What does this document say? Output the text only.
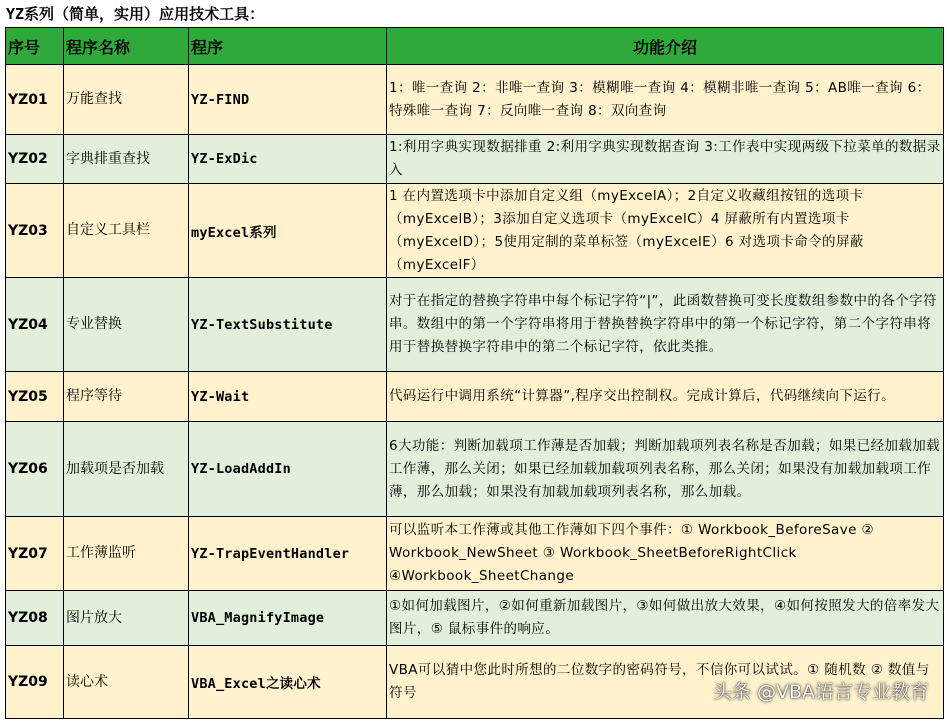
YZ系列（简单，实用）应用技术工具：
序号	程序名称	程序	功能介绍
YZ01	万能查找	YZ-FIND	1：唯一查询 2：非唯一查询 3：模糊唯一查询 4：模糊非唯一查询 5：AB唯一查询 6：特殊唯一查询 7：反向唯一查询 8：双向查询
YZ02	字典排重查找	YZ-ExDic	1:利用字典实现数据排重 2:利用字典实现数据查询 3:工作表中实现两级下拉菜单的数据录入
YZ03	自定义工具栏	myExcel系列	1 在内置选项卡中添加自定义组（myExcelA）；2自定义收藏组按钮的选项卡（myExcelB）；3添加自定义选项卡（myExcelC）4 屏蔽所有内置选项卡（myExcelD）；5使用定制的菜单标签（myExcelE）6 对选项卡命令的屏蔽（myExcelF）
YZ04	专业替换	YZ-TextSubstitute	对于在指定的替换字符串中每个标记字符“|”，此函数替换可变长度数组参数中的各个字符串。数组中的第一个字符串将用于替换替换字符串中的第一个标记字符，第二个字符串将用于替换替换字符串中的第二个标记字符，依此类推。
YZ05	程序等待	YZ-Wait	代码运行中调用系统“计算器”,程序交出控制权。完成计算后，代码继续向下运行。
YZ06	加载项是否加载	YZ-LoadAddIn	6大功能：判断加载项工作薄是否加载；判断加载项列表名称是否加载；如果已经加载加载工作薄，那么关闭；如果已经加载加载项列表名称，那么关闭；如果没有加载加载项工作薄，那么加载；如果没有加载加载项列表名称，那么加载。
YZ07	工作薄监听	YZ-TrapEventHandler	可以监听本工作薄或其他工作薄如下四个事件：① Workbook_BeforeSave ② Workbook_NewSheet ③ Workbook_SheetBeforeRightClick ④Workbook_SheetChange
YZ08	图片放大	VBA_MagnifyImage	①如何加载图片，②如何重新加载图片，③如何做出放大效果，④如何按照发大的倍率发大图片，⑤ 鼠标事件的响应。
YZ09	读心术	VBA_Excel之读心术	VBA可以猜中您此时所想的二位数字的密码符号，不信你可以试试。① 随机数 ② 数值与符号	头条 @VBA语言专业教育
